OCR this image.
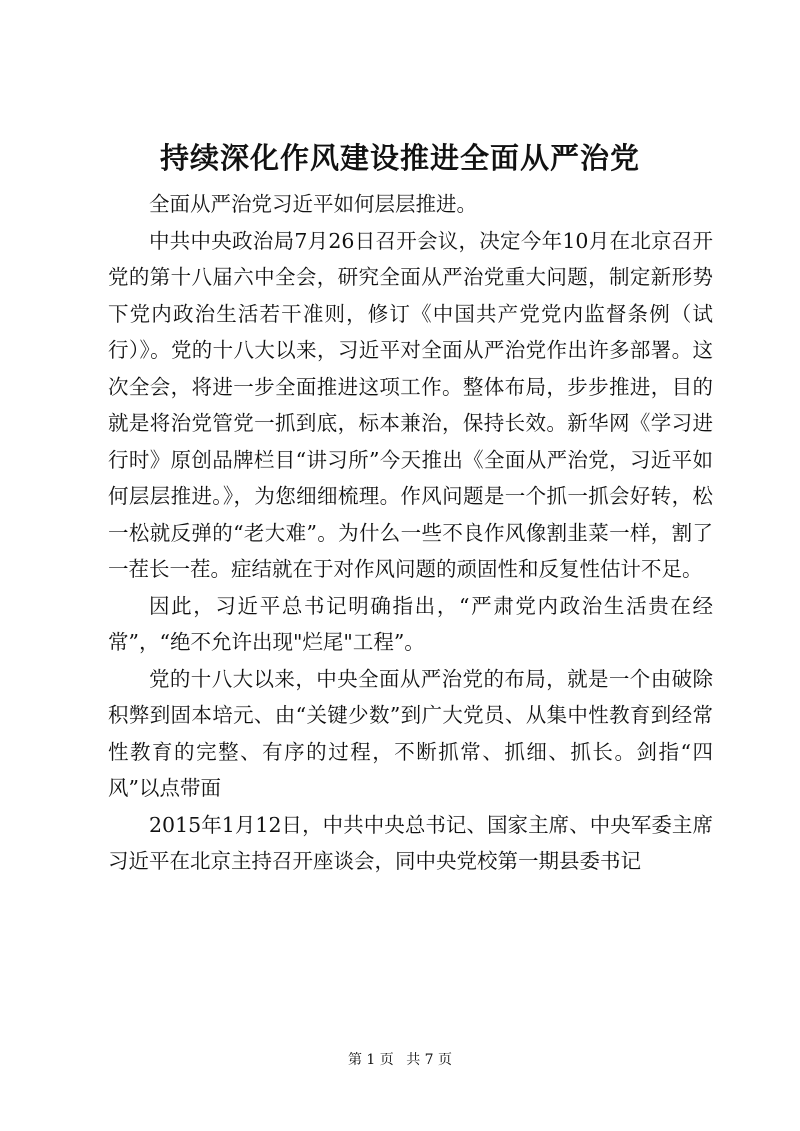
持续深化作风建设推进全面从严治党

全面从严治党习近平如何层层推进。

中共中央政治局7月26日召开会议，决定今年10月在北京召开党的第十八届六中全会，研究全面从严治党重大问题，制定新形势下党内政治生活若干准则，修订《中国共产党党内监督条例（试行）》。党的十八大以来，习近平对全面从严治党作出许多部署。这次全会，将进一步全面推进这项工作。整体布局，步步推进，目的就是将治党管党一抓到底，标本兼治，保持长效。新华网《学习进行时》原创品牌栏目“讲习所”今天推出《全面从严治党，习近平如何层层推进。》，为您细细梳理。作风问题是一个抓一抓会好转，松一松就反弹的“老大难”。为什么一些不良作风像割韭菜一样，割了一茬长一茬。症结就在于对作风问题的顽固性和反复性估计不足。

因此，习近平总书记明确指出，“严肃党内政治生活贵在经常”，“绝不允许出现"烂尾"工程”。

党的十八大以来，中央全面从严治党的布局，就是一个由破除积弊到固本培元、由“关键少数”到广大党员、从集中性教育到经常性教育的完整、有序的过程，不断抓常、抓细、抓长。剑指“四风”以点带面

2015年1月12日，中共中央总书记、国家主席、中央军委主席习近平在北京主持召开座谈会，同中央党校第一期县委书记

第 1 页 共 7 页
